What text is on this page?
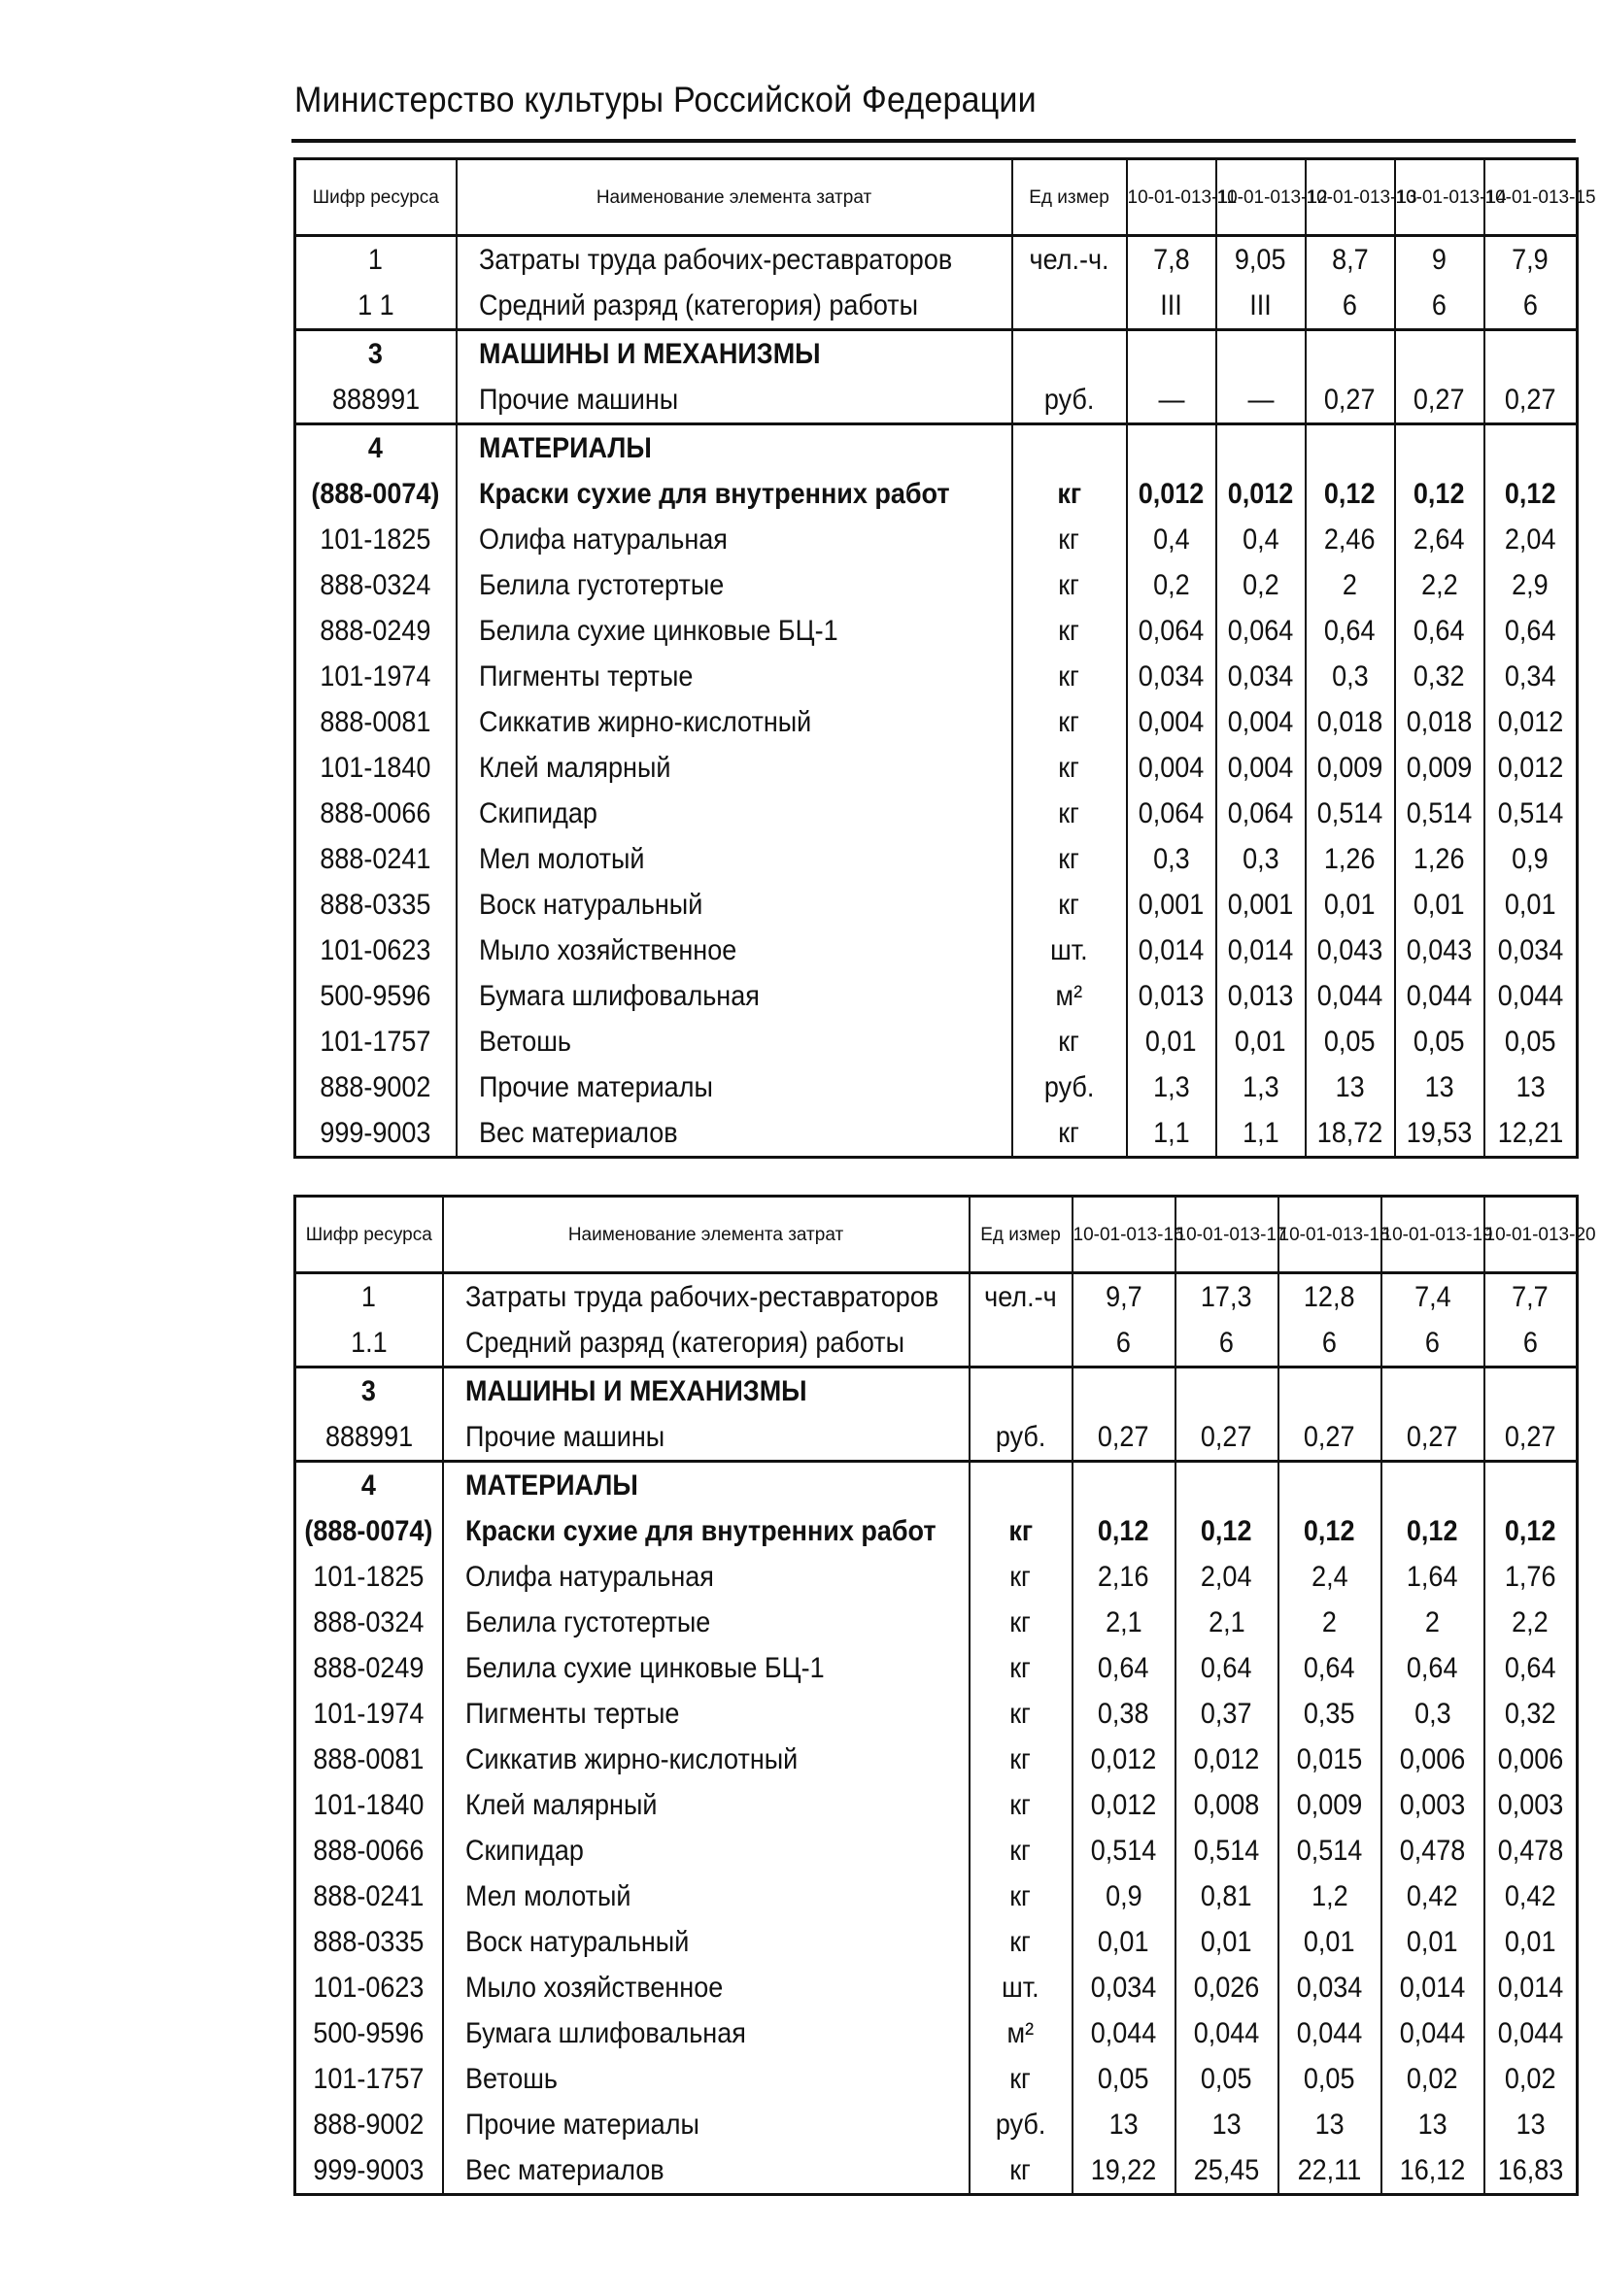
Министерство культуры Российской Федерации
Шифр ресурса	Наименование элемента затрат	Ед измер	10-01-013-11	10-01-013-12	10-01-013-13	10-01-013-14	10-01-013-15
1	Затраты труда рабочих-реставраторов	чел.-ч.	7,8	9,05	8,7	9	7,9
1 1	Средний разряд (категория) работы		III	III	6	6	6
3	МАШИНЫ И МЕХАНИЗМЫ						
888991	Прочие машины	руб.	—	—	0,27	0,27	0,27
4	МАТЕРИАЛЫ						
(888-0074)	Краски сухие для внутренних работ	кг	0,012	0,012	0,12	0,12	0,12
101-1825	Олифа натуральная	кг	0,4	0,4	2,46	2,64	2,04
888-0324	Белила густотертые	кг	0,2	0,2	2	2,2	2,9
888-0249	Белила сухие цинковые БЦ-1	кг	0,064	0,064	0,64	0,64	0,64
101-1974	Пигменты тертые	кг	0,034	0,034	0,3	0,32	0,34
888-0081	Сиккатив жирно-кислотный	кг	0,004	0,004	0,018	0,018	0,012
101-1840	Клей малярный	кг	0,004	0,004	0,009	0,009	0,012
888-0066	Скипидар	кг	0,064	0,064	0,514	0,514	0,514
888-0241	Мел молотый	кг	0,3	0,3	1,26	1,26	0,9
888-0335	Воск натуральный	кг	0,001	0,001	0,01	0,01	0,01
101-0623	Мыло хозяйственное	шт.	0,014	0,014	0,043	0,043	0,034
500-9596	Бумага шлифовальная	м²	0,013	0,013	0,044	0,044	0,044
101-1757	Ветошь	кг	0,01	0,01	0,05	0,05	0,05
888-9002	Прочие материалы	руб.	1,3	1,3	13	13	13
999-9003	Вес материалов	кг	1,1	1,1	18,72	19,53	12,21
Шифр ресурса	Наименование элемента затрат	Ед измер	10-01-013-16	10-01-013-17	10-01-013-18	10-01-013-19	10-01-013-20
1	Затраты труда рабочих-реставраторов	чел.-ч	9,7	17,3	12,8	7,4	7,7
1.1	Средний разряд (категория) работы		6	6	6	6	6
3	МАШИНЫ И МЕХАНИЗМЫ						
888991	Прочие машины	руб.	0,27	0,27	0,27	0,27	0,27
4	МАТЕРИАЛЫ						
(888-0074)	Краски сухие для внутренних работ	кг	0,12	0,12	0,12	0,12	0,12
101-1825	Олифа натуральная	кг	2,16	2,04	2,4	1,64	1,76
888-0324	Белила густотертые	кг	2,1	2,1	2	2	2,2
888-0249	Белила сухие цинковые БЦ-1	кг	0,64	0,64	0,64	0,64	0,64
101-1974	Пигменты тертые	кг	0,38	0,37	0,35	0,3	0,32
888-0081	Сиккатив жирно-кислотный	кг	0,012	0,012	0,015	0,006	0,006
101-1840	Клей малярный	кг	0,012	0,008	0,009	0,003	0,003
888-0066	Скипидар	кг	0,514	0,514	0,514	0,478	0,478
888-0241	Мел молотый	кг	0,9	0,81	1,2	0,42	0,42
888-0335	Воск натуральный	кг	0,01	0,01	0,01	0,01	0,01
101-0623	Мыло хозяйственное	шт.	0,034	0,026	0,034	0,014	0,014
500-9596	Бумага шлифовальная	м²	0,044	0,044	0,044	0,044	0,044
101-1757	Ветошь	кг	0,05	0,05	0,05	0,02	0,02
888-9002	Прочие материалы	руб.	13	13	13	13	13
999-9003	Вес материалов	кг	19,22	25,45	22,11	16,12	16,83
